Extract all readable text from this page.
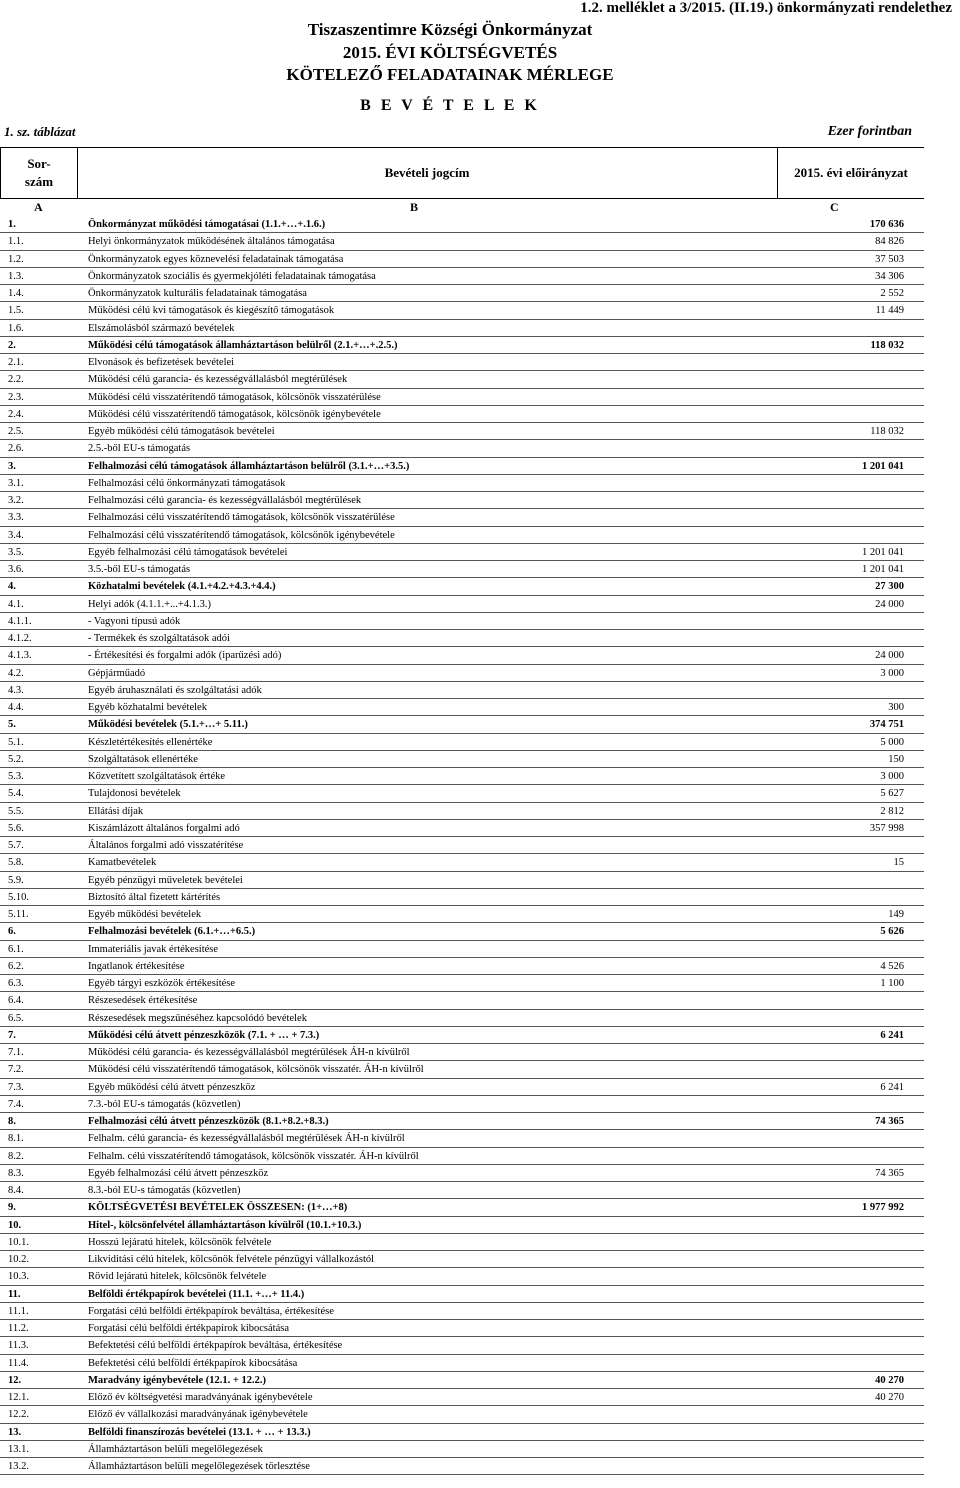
1.2. melléklet a 3/2015. (II.19.) önkormányzati rendelethez
Tiszaszentimre Községi Önkormányzat
2015. ÉVI KÖLTSÉGVETÉS
KÖTELEZŐ FELADATAINAK MÉRLEGE
B E V É T E L E K
1. sz. táblázat	Ezer forintban
Sor-
szám
Bevételi jogcím	2015. évi előirányzat
A	B	C
1.	Önkormányzat működési támogatásai (1.1.+…+.1.6.)	170 636
1.1.	Helyi önkormányzatok működésének általános támogatása	84 826
1.2.	Önkormányzatok egyes köznevelési feladatainak támogatása	37 503
1.3.	Önkormányzatok szociális és gyermekjóléti feladatainak támogatása	34 306
1.4.	Önkormányzatok kulturális feladatainak támogatása	2 552
1.5.	Működési célú kvi támogatások és kiegészítő támogatások	11 449
1.6.	Elszámolásból származó bevételek
2.	Működési célú támogatások államháztartáson belülről (2.1.+…+.2.5.)	118 032
2.1.	Elvonások és befizetések bevételei
2.2.	Működési célú garancia- és kezességvállalásból megtérülések
2.3.	Működési célú visszatérítendő támogatások, kölcsönök visszatérülése
2.4.	Működési célú visszatérítendő támogatások, kölcsönök igénybevétele
2.5.	Egyéb működési célú támogatások bevételei	118 032
2.6.	2.5.-ből EU-s támogatás
3.	Felhalmozási célú támogatások államháztartáson belülről (3.1.+…+3.5.)	1 201 041
3.1.	Felhalmozási célú önkormányzati támogatások
3.2.	Felhalmozási célú garancia- és kezességvállalásból megtérülések
3.3.	Felhalmozási célú visszatérítendő támogatások, kölcsönök visszatérülése
3.4.	Felhalmozási célú visszatérítendő támogatások, kölcsönök igénybevétele
3.5.	Egyéb felhalmozási célú támogatások bevételei	1 201 041
3.6.	3.5.-ből EU-s támogatás	1 201 041
4.	Közhatalmi bevételek (4.1.+4.2.+4.3.+4.4.)	27 300
4.1.	Helyi adók (4.1.1.+...+4.1.3.)	24 000
4.1.1.	- Vagyoni típusú adók
4.1.2.	- Termékek és szolgáltatások adói
4.1.3.	- Értékesítési és forgalmi adók (iparűzési adó)	24 000
4.2.	Gépjárműadó	3 000
4.3.	Egyéb áruhasználati és szolgáltatási adók
4.4.	Egyéb közhatalmi bevételek	300
5.	Működési bevételek (5.1.+…+ 5.11.)	374 751
5.1.	Készletértékesítés ellenértéke	5 000
5.2.	Szolgáltatások ellenértéke	150
5.3.	Közvetített szolgáltatások értéke	3 000
5.4.	Tulajdonosi bevételek	5 627
5.5.	Ellátási díjak	2 812
5.6.	Kiszámlázott általános forgalmi adó	357 998
5.7.	Általános forgalmi adó visszatérítése
5.8.	Kamatbevételek	15
5.9.	Egyéb pénzügyi műveletek bevételei
5.10.	Biztosító által fizetett kártérítés
5.11.	Egyéb működési bevételek	149
6.	Felhalmozási bevételek (6.1.+…+6.5.)	5 626
6.1.	Immateriális javak értékesítése
6.2.	Ingatlanok értékesítése	4 526
6.3.	Egyéb tárgyi eszközök értékesítése	1 100
6.4.	Részesedések értékesítése
6.5.	Részesedések megszűnéséhez kapcsolódó bevételek
7.	Működési célú átvett pénzeszközök (7.1. + … + 7.3.)	6 241
7.1.	Működési célú garancia- és kezességvállalásból megtérülések ÁH-n kívülről
7.2.	Működési célú visszatérítendő támogatások, kölcsönök visszatér. ÁH-n kívülről
7.3.	Egyéb működési célú átvett pénzeszköz	6 241
7.4.	7.3.-ból EU-s támogatás (közvetlen)
8.	Felhalmozási célú átvett pénzeszközök (8.1.+8.2.+8.3.)	74 365
8.1.	Felhalm. célú garancia- és kezességvállalásból megtérülések ÁH-n kívülről
8.2.	Felhalm. célú visszatérítendő támogatások, kölcsönök visszatér. ÁH-n kívülről
8.3.	Egyéb felhalmozási célú átvett pénzeszköz	74 365
8.4.	8.3.-ból EU-s támogatás (közvetlen)
9.	KÖLTSÉGVETÉSI BEVÉTELEK ÖSSZESEN: (1+…+8)	1 977 992
10.	Hitel-, kölcsönfelvétel államháztartáson kívülről (10.1.+10.3.)
10.1.	Hosszú lejáratú hitelek, kölcsönök felvétele
10.2.	Likviditási célú hitelek, kölcsönök felvétele pénzügyi vállalkozástól
10.3.	Rövid lejáratú hitelek, kölcsönök felvétele
11.	Belföldi értékpapírok bevételei (11.1. +…+ 11.4.)
11.1.	Forgatási célú belföldi értékpapírok beváltása, értékesítése
11.2.	Forgatási célú belföldi értékpapírok kibocsátása
11.3.	Befektetési célú belföldi értékpapírok beváltása, értékesítése
11.4.	Befektetési célú belföldi értékpapírok kibocsátása
12.	Maradvány igénybevétele (12.1. + 12.2.)	40 270
12.1.	Előző év költségvetési maradványának igénybevétele	40 270
12.2.	Előző év vállalkozási maradványának igénybevétele
13.	Belföldi finanszírozás bevételei (13.1. + … + 13.3.)
13.1.	Államháztartáson belüli megelőlegezések
13.2.	Államháztartáson belüli megelőlegezések törlesztése
